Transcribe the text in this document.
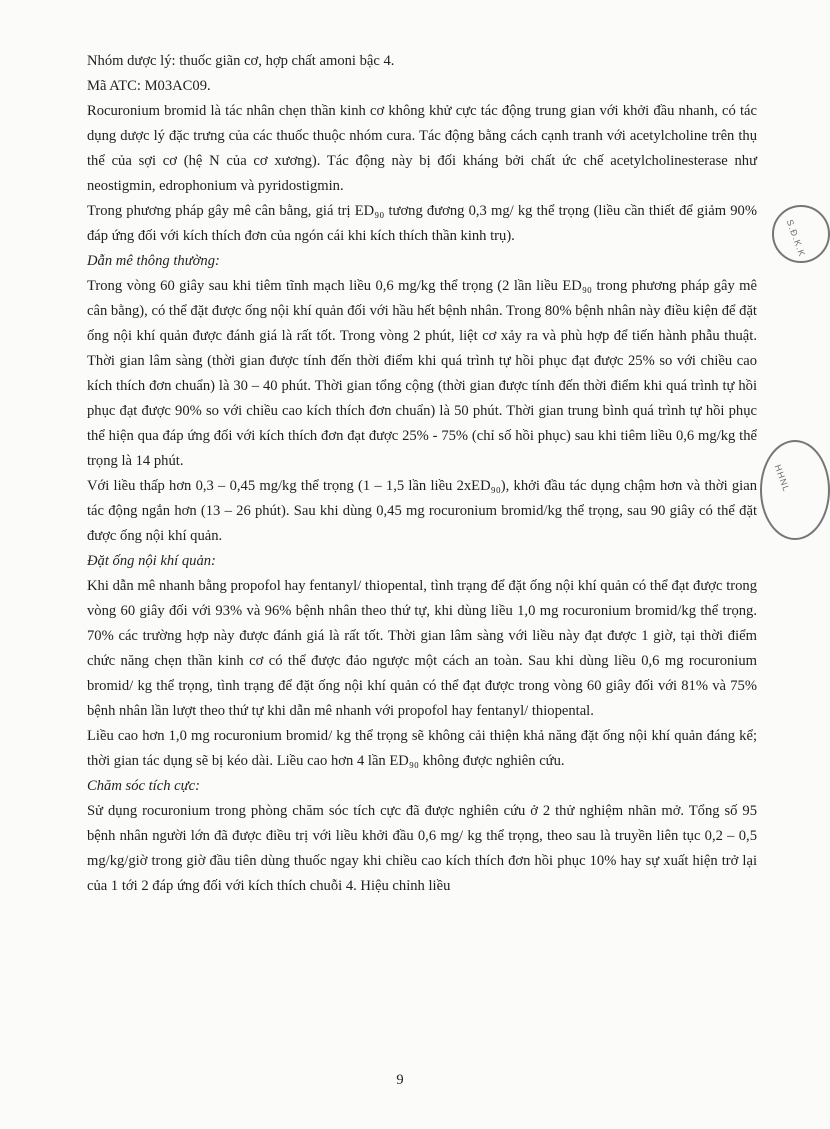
Nhóm dược lý: thuốc giãn cơ, hợp chất amoni bậc 4.

Mã ATC: M03AC09.

Rocuronium bromid là tác nhân chẹn thần kinh cơ không khử cực tác động trung gian với khởi đầu nhanh, có tác dụng dược lý đặc trưng của các thuốc thuộc nhóm cura. Tác động bằng cách cạnh tranh với acetylcholine trên thụ thể của sợi cơ (hệ N của cơ xương). Tác động này bị đối kháng bởi chất ức chế acetylcholinesterase như neostigmin, edrophonium và pyridostigmin.

Trong phương pháp gây mê cân bằng, giá trị ED₉₀ tương đương 0,3 mg/ kg thể trọng (liều cần thiết để giảm 90% đáp ứng đối với kích thích đơn của ngón cái khi kích thích thần kinh trụ).

Dẫn mê thông thường:

Trong vòng 60 giây sau khi tiêm tĩnh mạch liều 0,6 mg/kg thể trọng (2 lần liều ED₉₀ trong phương pháp gây mê cân bằng), có thể đặt được ống nội khí quản đối với hầu hết bệnh nhân. Trong 80% bệnh nhân này điều kiện để đặt ống nội khí quản được đánh giá là rất tốt. Trong vòng 2 phút, liệt cơ xảy ra và phù hợp để tiến hành phẫu thuật. Thời gian lâm sàng (thời gian được tính đến thời điểm khi quá trình tự hồi phục đạt được 25% so với chiều cao kích thích đơn chuẩn) là 30 – 40 phút. Thời gian tổng cộng (thời gian được tính đến thời điểm khi quá trình tự hồi phục đạt được 90% so với chiều cao kích thích đơn chuẩn) là 50 phút. Thời gian trung bình quá trình tự hồi phục thể hiện qua đáp ứng đối với kích thích đơn đạt được 25% - 75% (chỉ số hồi phục) sau khi tiêm liều 0,6 mg/kg thể trọng là 14 phút.

Với liều thấp hơn 0,3 – 0,45 mg/kg thể trọng (1 – 1,5 lần liều 2xED₉₀), khởi đầu tác dụng chậm hơn và thời gian tác động ngắn hơn (13 – 26 phút). Sau khi dùng 0,45 mg rocuronium bromid/kg thể trọng, sau 90 giây có thể đặt được ống nội khí quản.

Đặt ống nội khí quản:

Khi dẫn mê nhanh bằng propofol hay fentanyl/ thiopental, tình trạng để đặt ống nội khí quản có thể đạt được trong vòng 60 giây đối với 93% và 96% bệnh nhân theo thứ tự, khi dùng liều 1,0 mg rocuronium bromid/kg thể trọng. 70% các trường hợp này được đánh giá là rất tốt. Thời gian lâm sàng với liều này đạt được 1 giờ, tại thời điểm chức năng chẹn thần kinh cơ có thể được đảo ngược một cách an toàn. Sau khi dùng liều 0,6 mg rocuronium bromid/ kg thể trọng, tình trạng để đặt ống nội khí quản có thể đạt được trong vòng 60 giây đối với 81% và 75% bệnh nhân lần lượt theo thứ tự khi dẫn mê nhanh với propofol hay fentanyl/ thiopental.

Liều cao hơn 1,0 mg rocuronium bromid/ kg thể trọng sẽ không cải thiện khả năng đặt ống nội khí quản đáng kể; thời gian tác dụng sẽ bị kéo dài. Liều cao hơn 4 lần ED₉₀ không được nghiên cứu.

Chăm sóc tích cực:

Sử dụng rocuronium trong phòng chăm sóc tích cực đã được nghiên cứu ở 2 thử nghiệm nhãn mở. Tổng số 95 bệnh nhân người lớn đã được điều trị với liều khởi đầu 0,6 mg/ kg thể trọng, theo sau là truyền liên tục 0,2 – 0,5 mg/kg/giờ trong giờ đầu tiên dùng thuốc ngay khi chiều cao kích thích đơn hồi phục 10% hay sự xuất hiện trở lại của 1 tới 2 đáp ứng đối với kích thích chuỗi 4. Hiệu chỉnh liều

S.Đ.K.K
HHNL
9
